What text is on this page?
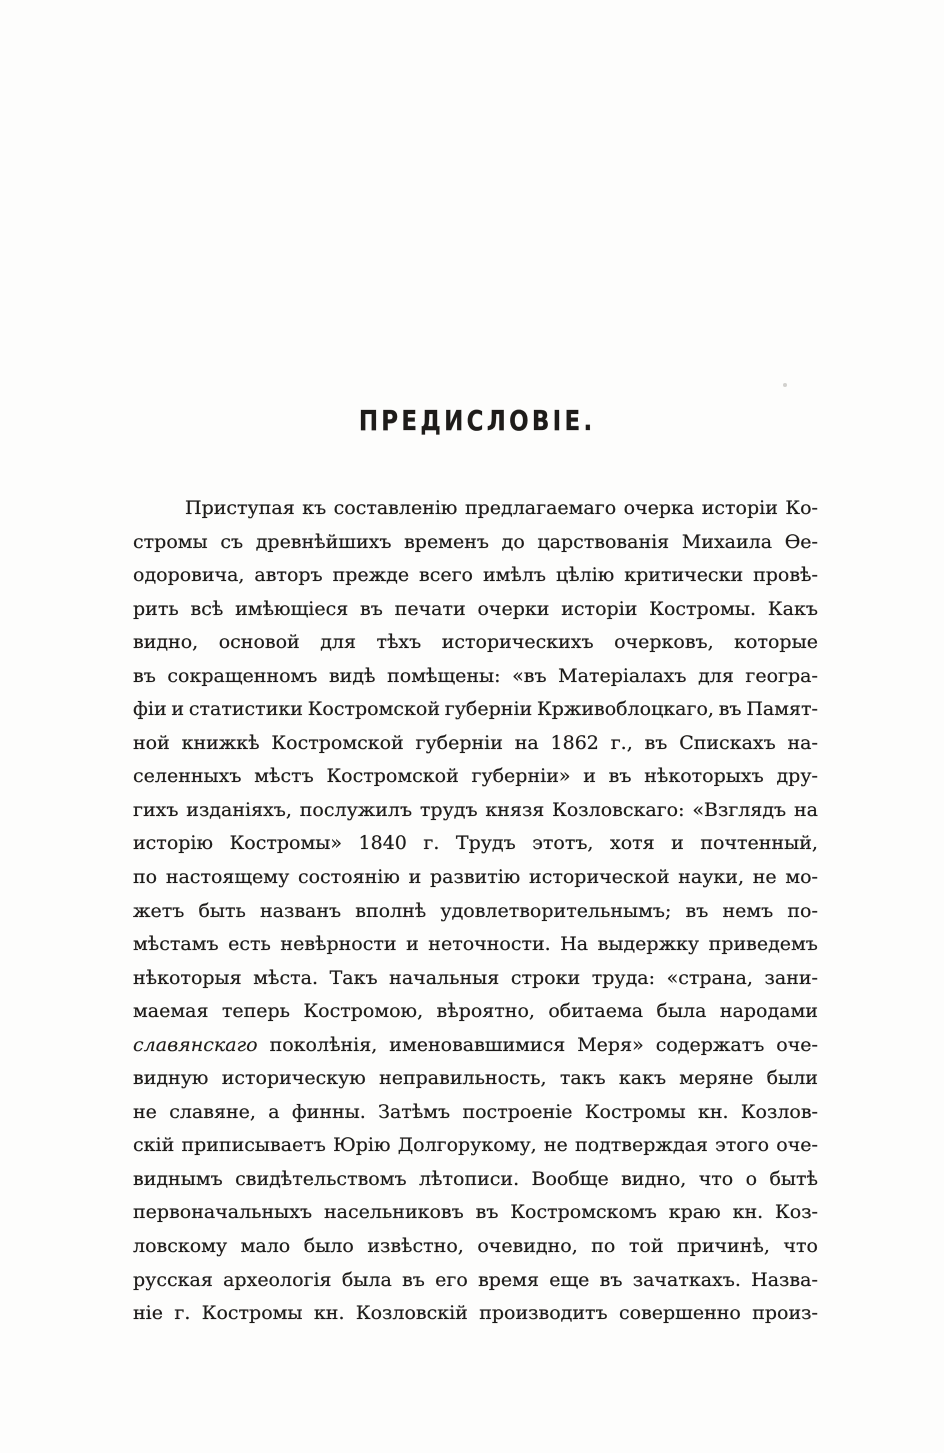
ПРЕДИСЛОВІЕ.
Приступая къ составленію предлагаемаго очерка исторіи Ко-
стромы съ древнѣйшихъ временъ до царствованія Михаила Ѳе-
одоровича, авторъ прежде всего имѣлъ цѣлію критически провѣ-
рить всѣ имѣющіеся въ печати очерки исторіи Костромы. Какъ
видно, основой для тѣхъ историческихъ очерковъ, которые
въ сокращенномъ видѣ помѣщены: «въ Матеріалахъ для геогра-
фіи и статистики Костромской губерніи Крживоблоцкаго, въ Памят-
ной книжкѣ Костромской губерніи на 1862 г., въ Спискахъ на-
селенныхъ мѣстъ Костромской губерніи» и въ нѣкоторыхъ дру-
гихъ изданіяхъ, послужилъ трудъ князя Козловскаго: «Взглядъ на
исторію Костромы» 1840 г. Трудъ этотъ, хотя и почтенный,
по настоящему состоянію и развитію исторической науки, не мо-
жетъ быть названъ вполнѣ удовлетворительнымъ; въ немъ по-
мѣстамъ есть невѣрности и неточности. На выдержку приведемъ
нѣкоторыя мѣста. Такъ начальныя строки труда: «страна, зани-
маемая теперь Костромою, вѣроятно, обитаема была народами
славянскаго поколѣнія, именовавшимися Меря» содержатъ оче-
видную историческую неправильность, такъ какъ меряне были
не славяне, а финны. Затѣмъ построеніе Костромы кн. Козлов-
скій приписываетъ Юрію Долгорукому, не подтверждая этого оче-
виднымъ свидѣтельствомъ лѣтописи. Вообще видно, что о бытѣ
первоначальныхъ насельниковъ въ Костромскомъ краю кн. Коз-
ловскому мало было извѣстно, очевидно, по той причинѣ, что
русская археологія была въ его время еще въ зачаткахъ. Назва-
ніе г. Костромы кн. Козловскій производитъ совершенно произ-
